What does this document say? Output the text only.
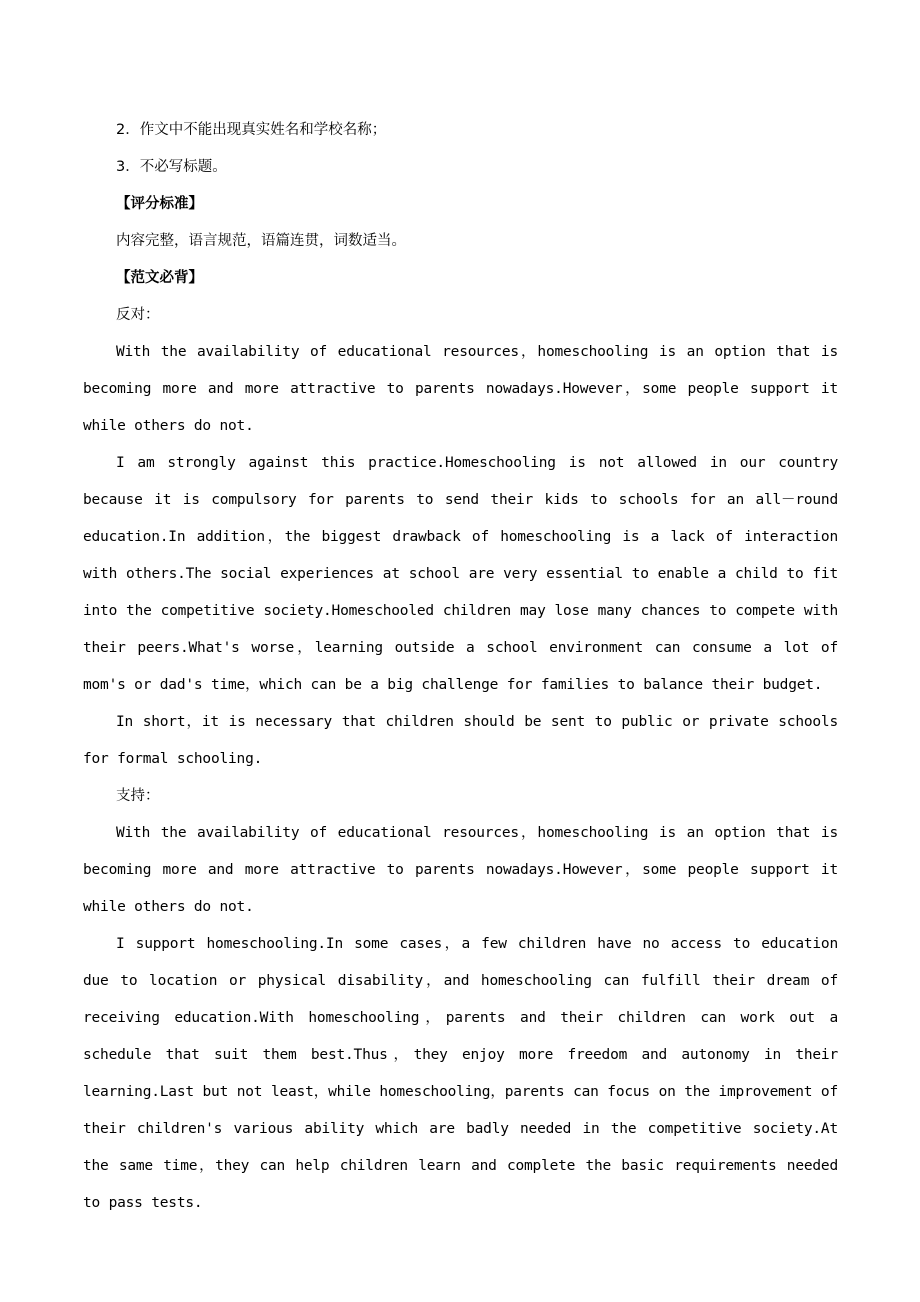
2．作文中不能出现真实姓名和学校名称；

3．不必写标题。

【评分标准】

内容完整，语言规范，语篇连贯，词数适当。

【范文必背】

反对：

With the availability of educational resources，homeschooling is an option that is becoming more and more attractive to parents nowadays.However，some people support it while others do not.

I am strongly against this practice.Homeschooling is not allowed in our country because it is compulsory for parents to send their kids to schools for an all－round education.In addition，the biggest drawback of homeschooling is a lack of interaction with others.The social experiences at school are very essential to enable a child to fit into the competitive society.Homeschooled children may lose many chances to compete with their peers.What's worse，learning outside a school environment can consume a lot of mom's or dad's time，which can be a big challenge for families to balance their budget.

In short，it is necessary that children should be sent to public or private schools for formal schooling.

支持：

With the availability of educational resources，homeschooling is an option that is becoming more and more attractive to parents nowadays.However，some people support it while others do not.

I support homeschooling.In some cases，a few children have no access to education due to location or physical disability，and homeschooling can fulfill their dream of receiving education.With homeschooling，parents and their children can work out a schedule that suit them best.Thus，they enjoy more freedom and autonomy in their learning.Last but not least，while homeschooling，parents can focus on the improvement of their children's various ability which are badly needed in the competitive society.At the same time，they can help children learn and complete the basic requirements needed to pass tests.
